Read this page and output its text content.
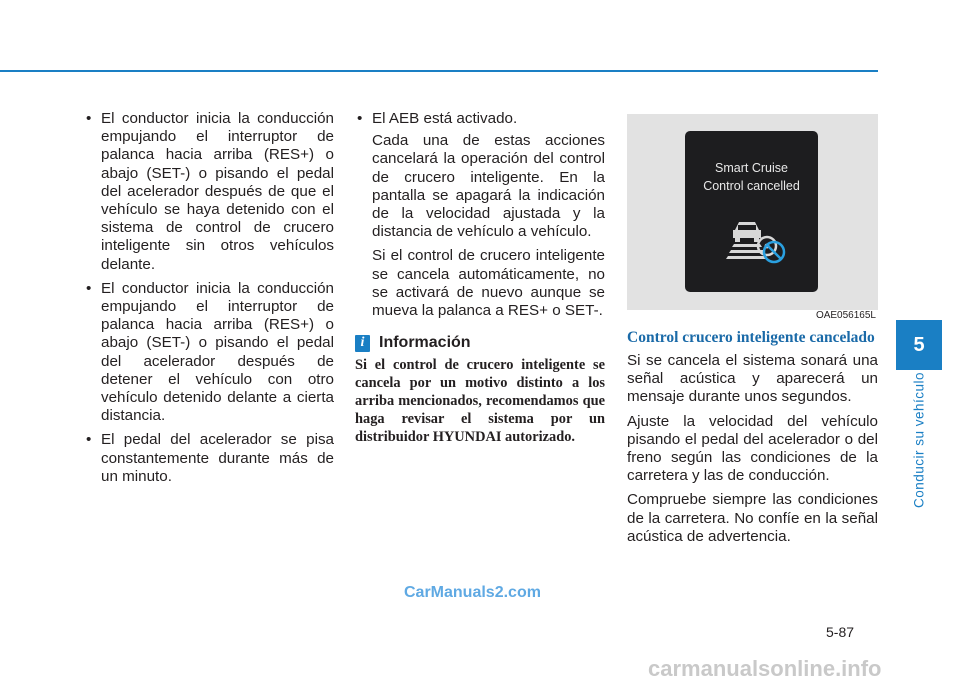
• El conductor inicia la conducción empujando el interruptor de palanca hacia arriba (RES+) o abajo (SET-) o pisando el pedal del acelerador después de que el vehículo se haya detenido con el sistema de control de crucero inteligente sin otros vehículos delante.
• El conductor inicia la conducción empujando el interruptor de palanca hacia arriba (RES+) o abajo (SET-) o pisando el pedal del acelerador después de detener el vehículo con otro vehículo detenido delante a cierta distancia.
• El pedal del acelerador se pisa constantemente durante más de un minuto.
• El AEB está activado.

Cada una de estas acciones cancelará la operación del control de crucero inteligente. En la pantalla se apagará la indicación de la velocidad ajustada y la distancia de vehículo a vehículo.

Si el control de crucero inteligente se cancela automáticamente, no se activará de nuevo aunque se mueva la palanca a RES+ o SET-.

i Información
Si el control de crucero inteligente se cancela por un motivo distinto a los arriba mencionados, recomendamos que haga revisar el sistema por un distribuidor HYUNDAI autorizado.
Smart Cruise
Control cancelled
OAE056165L
Control crucero inteligente cancelado

Si se cancela el sistema sonará una señal acústica y aparecerá un mensaje durante unos segundos.

Ajuste la velocidad del vehículo pisando el pedal del acelerador o del freno según las condiciones de la carretera y las de conducción.

Compruebe siempre las condiciones de la carretera. No confíe en la señal acústica de advertencia.

5
Conducir su vehículo
5-87
CarManuals2.com
carmanualsonline.info
